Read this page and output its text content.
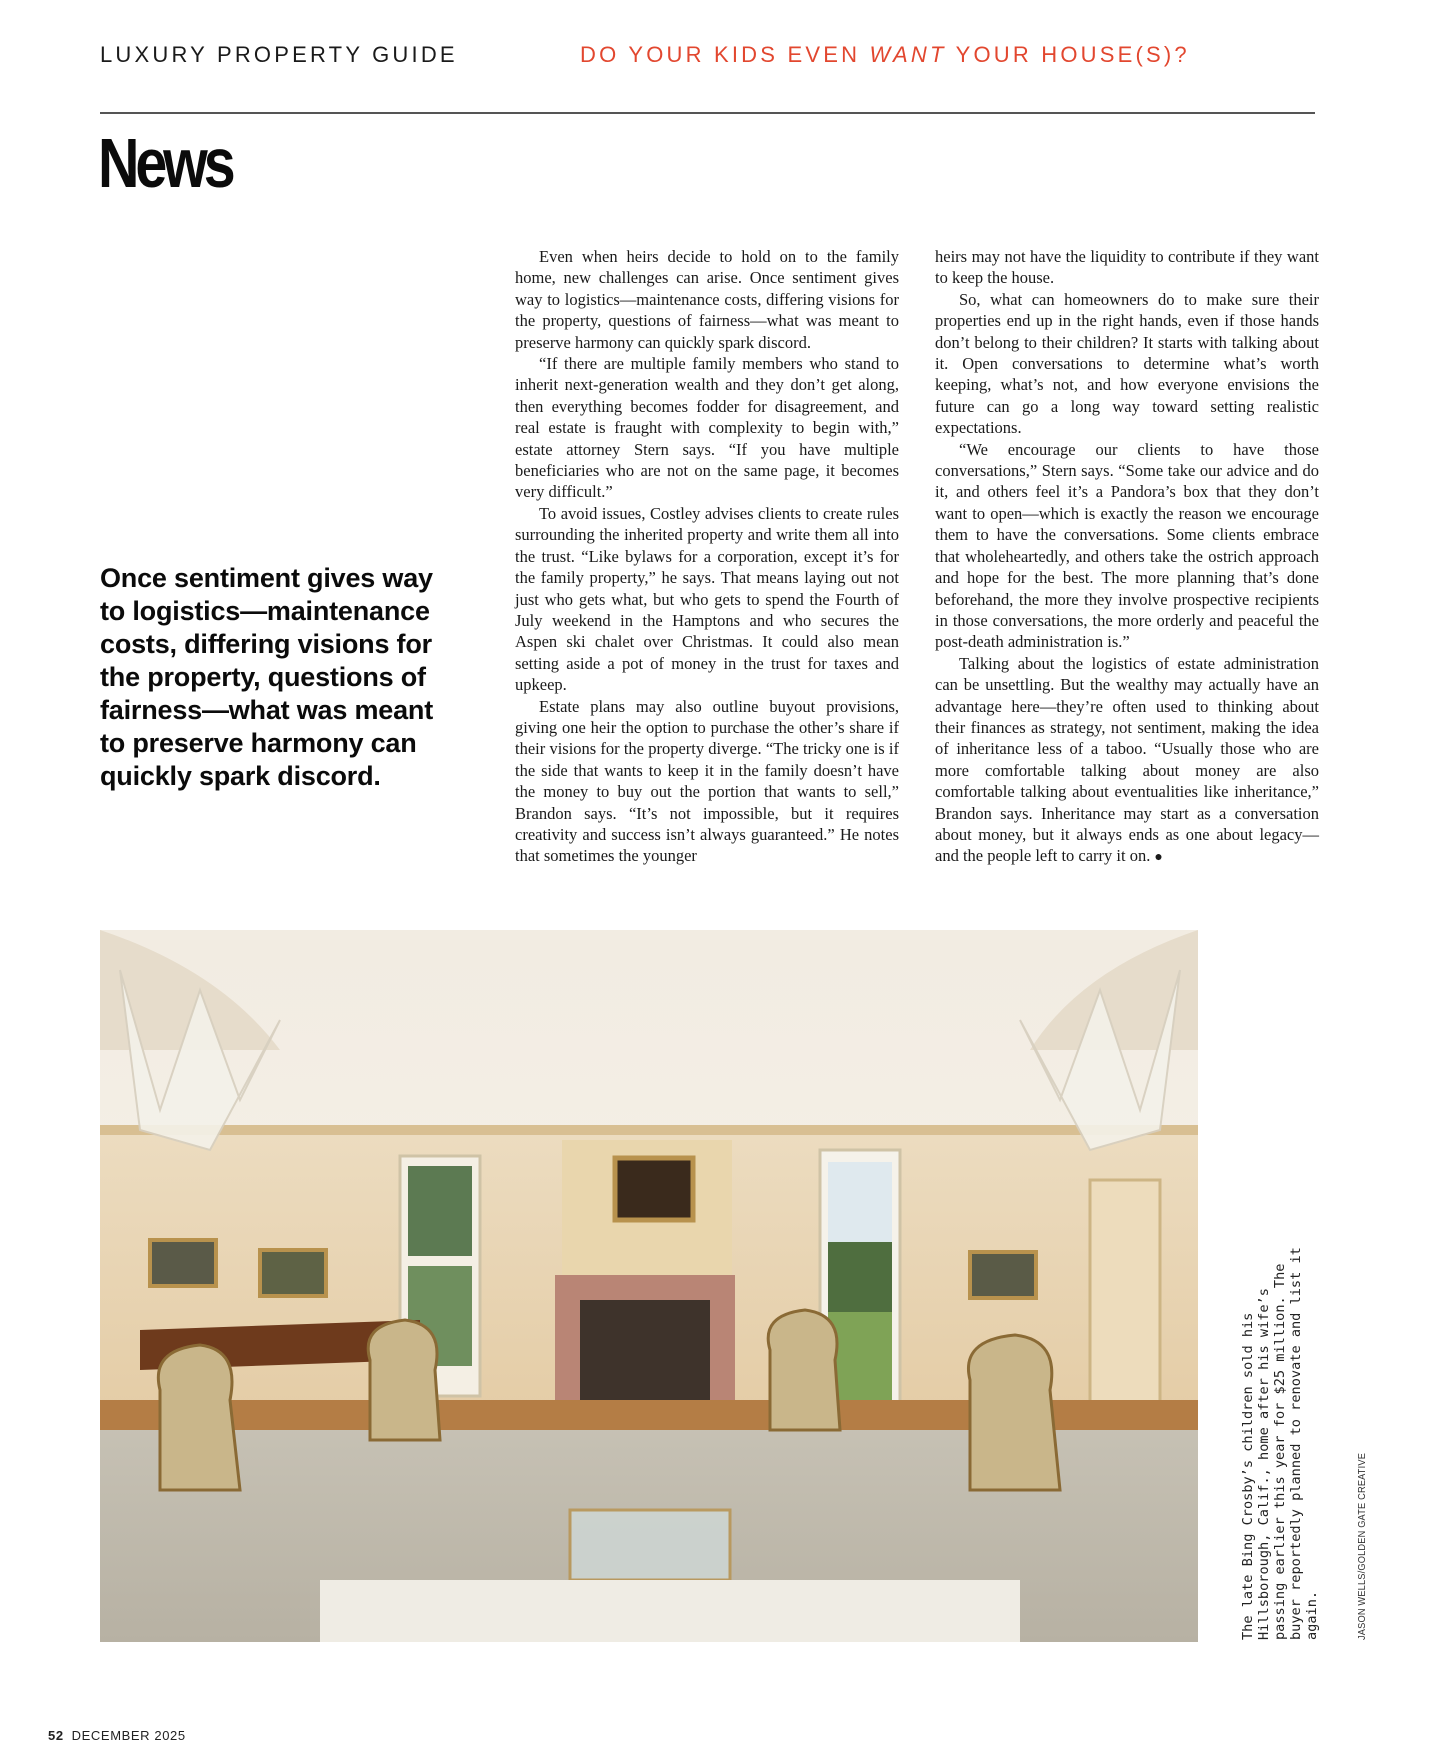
LUXURY PROPERTY GUIDE	DO YOUR KIDS EVEN WANT YOUR HOUSE(S)?
News
Once sentiment gives way to logistics—maintenance costs, differing visions for the property, questions of fairness—what was meant to preserve harmony can quickly spark discord.

Even when heirs decide to hold on to the family home, new challenges can arise. Once sentiment gives way to logistics—maintenance costs, differing visions for the property, questions of fairness—what was meant to preserve harmony can quickly spark discord.

“If there are multiple family members who stand to inherit next-generation wealth and they don’t get along, then everything becomes fodder for disagreement, and real estate is fraught with complexity to begin with,” estate attorney Stern says. “If you have multiple beneficiaries who are not on the same page, it becomes very difficult.”

To avoid issues, Costley advises clients to create rules surrounding the inherited property and write them all into the trust. “Like bylaws for a corporation, except it’s for the family property,” he says. That means laying out not just who gets what, but who gets to spend the Fourth of July weekend in the Hamptons and who secures the Aspen ski chalet over Christmas. It could also mean setting aside a pot of money in the trust for taxes and upkeep.

Estate plans may also outline buyout provisions, giving one heir the option to purchase the other’s share if their visions for the property diverge. “The tricky one is if the side that wants to keep it in the family doesn’t have the money to buy out the portion that wants to sell,” Brandon says. “It’s not impossible, but it requires creativity and success isn’t always guaranteed.” He notes that sometimes the younger

heirs may not have the liquidity to contribute if they want to keep the house.

So, what can homeowners do to make sure their properties end up in the right hands, even if those hands don’t belong to their children? It starts with talking about it. Open conversations to determine what’s worth keeping, what’s not, and how everyone envisions the future can go a long way toward setting realistic expectations.

“We encourage our clients to have those conversations,” Stern says. “Some take our advice and do it, and others feel it’s a Pandora’s box that they don’t want to open—which is exactly the reason we encourage them to have the conversations. Some clients embrace that wholeheartedly, and others take the ostrich approach and hope for the best. The more planning that’s done beforehand, the more they involve prospective recipients in those conversations, the more orderly and peaceful the post-death administration is.”

Talking about the logistics of estate administration can be unsettling. But the wealthy may actually have an advantage here—they’re often used to thinking about their finances as strategy, not sentiment, making the idea of inheritance less of a taboo. “Usually those who are more comfortable talking about money are also comfortable talking about eventualities like inheritance,” Brandon says. Inheritance may start as a conversation about money, but it always ends as one about legacy—and the people left to carry it on. ●

The late Bing Crosby’s children sold his Hillsborough, Calif., home after his wife’s passing earlier this year for $25 million. The buyer reportedly planned to renovate and list it again.	JASON WELLS/GOLDEN GATE CREATIVE
52 DECEMBER 2025
